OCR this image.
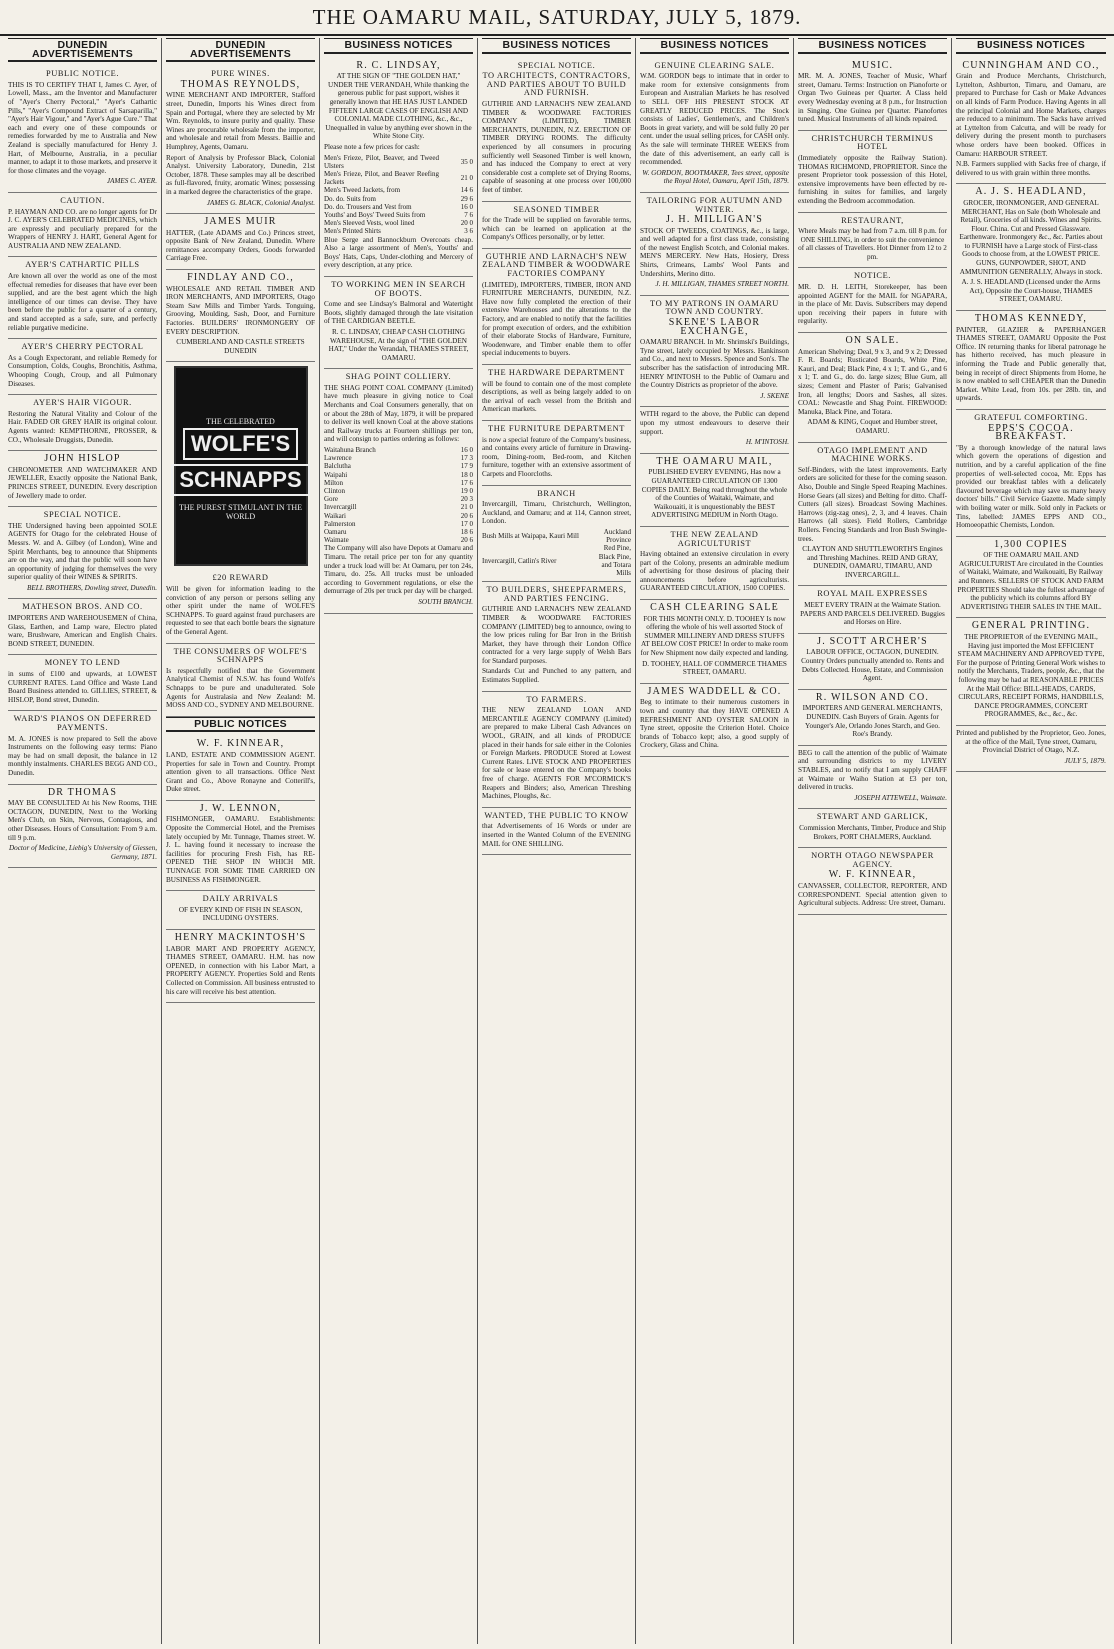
THE OAMARU MAIL, SATURDAY, JULY 5, 1879.
DUNEDIN ADVERTISEMENTS
PUBLIC NOTICE.

THIS IS TO CERTIFY THAT I, James C. Ayer, of Lowell, Mass., am the Inventor and Manufacturer of "Ayer's Cherry Pectoral," "Ayer's Cathartic Pills," "Ayer's Compound Extract of Sarsaparilla," "Ayer's Hair Vigour," and "Ayer's Ague Cure." That each and every one of these compounds or remedies forwarded by me to Australia and New Zealand is specially manufactured for Henry J. Hart, of Melbourne, Australia, in a peculiar manner, to adapt it to those markets, and preserve it for those climates and the voyage.

JAMES C. AYER.

CAUTION.

P. HAYMAN AND CO. are no longer agents for Dr J. C. AYER'S CELEBRATED MEDICINES, which are expressly and peculiarly prepared for the Wrappers of HENRY J. HART, General Agent for AUSTRALIA AND NEW ZEALAND.

AYER'S CATHARTIC PILLS

Are known all over the world as one of the most effectual remedies for diseases that have ever been supplied, and are the best agent which the high intelligence of our times can devise. They have been before the public for a quarter of a century, and stand accepted as a safe, sure, and perfectly reliable purgative medicine.

AYER'S CHERRY PECTORAL

As a Cough Expectorant, and reliable Remedy for Consumption, Colds, Coughs, Bronchitis, Asthma, Whooping Cough, Croup, and all Pulmonary Diseases.

AYER'S HAIR VIGOUR.

Restoring the Natural Vitality and Colour of the Hair. FADED OR GREY HAIR its original colour. Agents wanted: KEMPTHORNE, PROSSER, & CO., Wholesale Druggists, Dunedin.

JOHN HISLOP

CHRONOMETER AND WATCHMAKER AND JEWELLER, Exactly opposite the National Bank, PRINCES STREET, DUNEDIN. Every description of Jewellery made to order.

SPECIAL NOTICE.

THE Undersigned having been appointed SOLE AGENTS for Otago for the celebrated House of Messrs. W. and A. Gilbey (of London), Wine and Spirit Merchants, beg to announce that Shipments are on the way, and that the public will soon have an opportunity of judging for themselves the very superior quality of their WINES & SPIRITS.

BELL BROTHERS, Dowling street, Dunedin.

MATHESON BROS. AND CO.

IMPORTERS AND WAREHOUSEMEN of China, Glass, Earthen, and Lamp ware, Electro plated ware, Brushware, American and English Chairs. BOND STREET, DUNEDIN.

MONEY TO LEND

in sums of £100 and upwards, at LOWEST CURRENT RATES. Land Office and Waste Land Board Business attended to. GILLIES, STREET, & HISLOP, Bond street, Dunedin.

WARD'S PIANOS ON DEFERRED PAYMENTS.

M. A. JONES is now prepared to Sell the above Instruments on the following easy terms: Piano may be had on small deposit, the balance in 12 monthly instalments. CHARLES BEGG AND CO., Dunedin.

DR THOMAS

MAY BE CONSULTED At his New Rooms, THE OCTAGON, DUNEDIN, Next to the Working Men's Club, on Skin, Nervous, Contagious, and other Diseases. Hours of Consultation: From 9 a.m. till 9 p.m.

Doctor of Medicine, Liebig's University of Giessen, Germany, 1871.

DUNEDIN ADVERTISEMENTS
PURE WINES.
THOMAS REYNOLDS,

WINE MERCHANT AND IMPORTER, Stafford street, Dunedin, Imports his Wines direct from Spain and Portugal, where they are selected by Mr Wm. Reynolds, to insure purity and quality. These Wines are procurable wholesale from the importer, and wholesale and retail from Messrs. Baillie and Humphrey, Agents, Oamaru.

Report of Analysis by Professor Black, Colonial Analyst. University Laboratory, Dunedin, 21st October, 1878. These samples may all be described as full-flavored, fruity, aromatic Wines; possessing in a marked degree the characteristics of the grape.

JAMES G. BLACK, Colonial Analyst.

JAMES MUIR

HATTER, (Late ADAMS and Co.) Princes street, opposite Bank of New Zealand, Dunedin. Where remittances accompany Orders, Goods forwarded Carriage Free.

FINDLAY AND CO.,

WHOLESALE AND RETAIL TIMBER AND IRON MERCHANTS, AND IMPORTERS, Otago Steam Saw Mills and Timber Yards. Tonguing, Grooving, Moulding, Sash, Door, and Furniture Factories. BUILDERS' IRONMONGERY OF EVERY DESCRIPTION.

CUMBERLAND AND CASTLE STREETS DUNEDIN

THE CELEBRATED
WOLFE'S
SCHNAPPS
THE PUREST STIMULANT IN THE WORLD
£20 REWARD

Will be given for information leading to the conviction of any person or persons selling any other spirit under the name of WOLFE'S SCHNAPPS. To guard against fraud purchasers are requested to see that each bottle bears the signature of the General Agent.

THE CONSUMERS OF WOLFE'S SCHNAPPS

Is respectfully notified that the Government Analytical Chemist of N.S.W. has found Wolfe's Schnapps to be pure and unadulterated. Sole Agents for Australasia and New Zealand: M. MOSS AND CO., SYDNEY AND MELBOURNE.

PUBLIC NOTICES
W. F. KINNEAR,

LAND, ESTATE AND COMMISSION AGENT. Properties for sale in Town and Country. Prompt attention given to all transactions. Office Next Grant and Co., Above Ronayne and Cotterill's, Duke street.

J. W. LENNON,

FISHMONGER, OAMARU. Establishments: Opposite the Commercial Hotel, and the Premises lately occupied by Mr. Tunnage, Thames street. W. J. L. having found it necessary to increase the facilities for procuring Fresh Fish, has RE-OPENED THE SHOP IN WHICH MR. TUNNAGE FOR SOME TIME CARRIED ON BUSINESS AS FISHMONGER.

DAILY ARRIVALS

OF EVERY KIND OF FISH IN SEASON, INCLUDING OYSTERS.

HENRY MACKINTOSH'S

LABOR MART AND PROPERTY AGENCY, THAMES STREET, OAMARU. H.M. has now OPENED, in connection with his Labor Mart, a PROPERTY AGENCY. Properties Sold and Rents Collected on Commission. All business entrusted to his care will receive his best attention.

BUSINESS NOTICES
R. C. LINDSAY,

AT THE SIGN OF "THE GOLDEN HAT," UNDER THE VERANDAH, While thanking the generous public for past support, wishes it generally known that HE HAS JUST LANDED FIFTEEN LARGE CASES OF ENGLISH AND COLONIAL MADE CLOTHING, &c., &c., Unequalled in value by anything ever shown in the White Stone City.

Please note a few prices for cash:

Men's Frieze, Pilot, Beaver, and Tweed Ulsters	35 0
Men's Frieze, Pilot, and Beaver Reefing Jackets	21 0
Men's Tweed Jackets, from	14 6
Do. do. Suits from	29 6
Do. do. Trousers and Vest from	16 0
Youths' and Boys' Tweed Suits from	7 6
Men's Sleeved Vests, wool lined	20 0
Men's Printed Shirts	3 6

Blue Serge and Bannockburn Overcoats cheap. Also a large assortment of Men's, Youths' and Boys' Hats, Caps, Under-clothing and Mercery of every description, at any price.

TO WORKING MEN IN SEARCH OF BOOTS.

Come and see Lindsay's Balmoral and Watertight Boots, slightly damaged through the late visitation of THE CARDIGAN BEETLE.

R. C. LINDSAY, CHEAP CASH CLOTHING WAREHOUSE, At the sign of "THE GOLDEN HAT," Under the Verandah, THAMES STREET, OAMARU.

SHAG POINT COLLIERY.

THE SHAG POINT COAL COMPANY (Limited) have much pleasure in giving notice to Coal Merchants and Coal Consumers generally, that on or about the 28th of May, 1879, it will be prepared to deliver its well known Coal at the above stations and Railway trucks at Fourteen shillings per ton, and will consign to parties ordering as follows:

Waitahuna Branch	16 0
Lawrence	17 3
Balclutha	17 9
Waipahi	18 0
Milton	17 6
Clinton	19 0
Gore	20 3
Invercargill	21 0
Waikari	20 6
Palmerston	17 0
Oamaru	18 6
Waimate	20 6

The Company will also have Depots at Oamaru and Timaru. The retail price per ton for any quantity under a truck load will be: At Oamaru, per ton 24s, Timaru, do. 25s. All trucks must be unloaded according to Government regulations, or else the demurrage of 20s per truck per day will be charged.

SOUTH BRANCH.

BUSINESS NOTICES
SPECIAL NOTICE.
TO ARCHITECTS, CONTRACTORS, AND PARTIES ABOUT TO BUILD AND FURNISH.

GUTHRIE AND LARNACH'S NEW ZEALAND TIMBER & WOODWARE FACTORIES COMPANY (LIMITED), TIMBER MERCHANTS, DUNEDIN, N.Z. ERECTION OF TIMBER DRYING ROOMS. The difficulty experienced by all consumers in procuring sufficiently well Seasoned Timber is well known, and has induced the Company to erect at very considerable cost a complete set of Drying Rooms, capable of seasoning at one process over 100,000 feet of timber.

SEASONED TIMBER

for the Trade will be supplied on favorable terms, which can be learned on application at the Company's Offices personally, or by letter.

GUTHRIE AND LARNACH'S NEW ZEALAND TIMBER & WOODWARE FACTORIES COMPANY

(LIMITED), IMPORTERS, TIMBER, IRON AND FURNITURE MERCHANTS, DUNEDIN, N.Z. Have now fully completed the erection of their extensive Warehouses and the alterations to the Factory, and are enabled to notify that the facilities for prompt execution of orders, and the exhibition of their elaborate Stocks of Hardware, Furniture, Woodenware, and Timber enable them to offer special inducements to buyers.

THE HARDWARE DEPARTMENT

will be found to contain one of the most complete descriptions, as well as being largely added to on the arrival of each vessel from the British and American markets.

THE FURNITURE DEPARTMENT

is now a special feature of the Company's business, and contains every article of furniture in Drawing-room, Dining-room, Bed-room, and Kitchen furniture, together with an extensive assortment of Carpets and Floorcloths.

BRANCH

Invercargill, Timaru, Christchurch, Wellington, Auckland, and Oamaru; and at 114, Cannon street, London.

Bush Mills at Waipapa, Kauri Mill	Auckland Province
Invercargill, Catlin's River	Red Pine, Black Pine, and Totara Mills
TO BUILDERS, SHEEPFARMERS, AND PARTIES FENCING.

GUTHRIE AND LARNACH'S NEW ZEALAND TIMBER & WOODWARE FACTORIES COMPANY (LIMITED) beg to announce, owing to the low prices ruling for Bar Iron in the British Market, they have through their London Office contracted for a very large supply of Welsh Bars for Standard purposes.

Standards Cut and Punched to any pattern, and Estimates Supplied.

TO FARMERS.

THE NEW ZEALAND LOAN AND MERCANTILE AGENCY COMPANY (Limited) are prepared to make Liberal Cash Advances on WOOL, GRAIN, and all kinds of PRODUCE placed in their hands for sale either in the Colonies or Foreign Markets. PRODUCE Stored at Lowest Current Rates. LIVE STOCK AND PROPERTIES for sale or lease entered on the Company's books free of charge. AGENTS FOR M'CORMICK'S Reapers and Binders; also, American Threshing Machines, Ploughs, &c.

WANTED, THE PUBLIC TO KNOW

that Advertisements of 16 Words or under are inserted in the Wanted Column of the EVENING MAIL for ONE SHILLING.

BUSINESS NOTICES
GENUINE CLEARING SALE.

W.M. GORDON begs to intimate that in order to make room for extensive consignments from European and Australian Markets he has resolved to SELL OFF HIS PRESENT STOCK AT GREATLY REDUCED PRICES. The Stock consists of Ladies', Gentlemen's, and Children's Boots in great variety, and will be sold fully 20 per cent. under the usual selling prices, for CASH only. As the sale will terminate THREE WEEKS from the date of this advertisement, an early call is recommended.

W. GORDON, BOOTMAKER, Tees street, opposite the Royal Hotel, Oamaru, April 15th, 1879.

TAILORING FOR AUTUMN AND WINTER.
J. H. MILLIGAN'S

STOCK OF TWEEDS, COATINGS, &c., is large, and well adapted for a first class trade, consisting of the newest English Scotch, and Colonial makes. MEN'S MERCERY. New Hats, Hosiery, Dress Shirts, Crimeans, Lambs' Wool Pants and Undershirts, Merino ditto.

J. H. MILLIGAN, THAMES STREET NORTH.

TO MY PATRONS IN OAMARU TOWN AND COUNTRY.
SKENE'S LABOR EXCHANGE,

OAMARU BRANCH. In Mr. Shrimski's Buildings, Tyne street, lately occupied by Messrs. Hankinson and Co., and next to Messrs. Spence and Son's. The subscriber has the satisfaction of introducing MR. HENRY M'INTOSH to the Public of Oamaru and the Country Districts as proprietor of the above.

J. SKENE

WITH regard to the above, the Public can depend upon my utmost endeavours to deserve their support.

H. M'INTOSH.

THE OAMARU MAIL,

PUBLISHED EVERY EVENING, Has now a GUARANTEED CIRCULATION OF 1300 COPIES DAILY. Being read throughout the whole of the Counties of Waitaki, Waimate, and Waikouaiti, it is unquestionably the BEST ADVERTISING MEDIUM in North Otago.

THE NEW ZEALAND AGRICULTURIST

Having obtained an extensive circulation in every part of the Colony, presents an admirable medium of advertising for those desirous of placing their announcements before agriculturists. GUARANTEED CIRCULATION, 1500 COPIES.

CASH CLEARING SALE

FOR THIS MONTH ONLY. D. TOOHEY Is now offering the whole of his well assorted Stock of SUMMER MILLINERY AND DRESS STUFFS AT BELOW COST PRICE! In order to make room for New Shipment now daily expected and landing.

D. TOOHEY, HALL OF COMMERCE THAMES STREET, OAMARU.

JAMES WADDELL & CO.

Beg to intimate to their numerous customers in town and country that they HAVE OPENED A REFRESHMENT AND OYSTER SALOON in Tyne street, opposite the Criterion Hotel. Choice brands of Tobacco kept; also, a good supply of Crockery, Glass and China.

BUSINESS NOTICES
MUSIC.

MR. M. A. JONES, Teacher of Music, Wharf street, Oamaru. Terms: Instruction on Pianoforte or Organ Two Guineas per Quarter. A Class held every Wednesday evening at 8 p.m., for Instruction in Singing. One Guinea per Quarter. Pianofortes tuned. Musical Instruments of all kinds repaired.

CHRISTCHURCH TERMINUS HOTEL

(Immediately opposite the Railway Station). THOMAS RICHMOND, PROPRIETOR. Since the present Proprietor took possession of this Hotel, extensive improvements have been effected by re-furnishing in suites for families, and largely extending the Bedroom accommodation.

RESTAURANT,

Where Meals may be had from 7 a.m. till 8 p.m. for ONE SHILLING, in order to suit the convenience of all classes of Travellers. Hot Dinner from 12 to 2 pm.

NOTICE.

MR. D. H. LEITH, Storekeeper, has been appointed AGENT for the MAIL for NGAPARA, in the place of Mr. Davis. Subscribers may depend upon receiving their papers in future with regularity.

ON SALE.

American Shelving; Deal, 9 x 3, and 9 x 2; Dressed F. R. Boards; Rusticated Boards, White Pine, Kauri, and Deal; Black Pine, 4 x 1; T. and G., and 6 x 1; T. and G., do. do. large sizes; Blue Gum, all sizes; Cement and Plaster of Paris; Galvanised Iron, all lengths; Doors and Sashes, all sizes. COAL: Newcastle and Shag Point. FIREWOOD: Manuka, Black Pine, and Totara.

ADAM & KING, Coquet and Humber street, OAMARU.

OTAGO IMPLEMENT AND MACHINE WORKS.

Self-Binders, with the latest improvements. Early orders are solicited for these for the coming season. Also, Double and Single Speed Reaping Machines. Horse Gears (all sizes) and Belting for ditto. Chaff-Cutters (all sizes). Broadcast Sowing Machines. Harrows (zig-zag ones), 2, 3, and 4 leaves. Chain Harrows (all sizes). Field Rollers, Cambridge Rollers. Fencing Standards and Iron Bush Swingle-trees.

CLAYTON AND SHUTTLEWORTH'S Engines and Threshing Machines. REID AND GRAY, DUNEDIN, OAMARU, TIMARU, AND INVERCARGILL.

ROYAL MAIL EXPRESSES

MEET EVERY TRAIN at the Waimate Station. PAPERS AND PARCELS DELIVERED. Buggies and Horses on Hire.

J. SCOTT ARCHER'S

LABOUR OFFICE, OCTAGON, DUNEDIN. Country Orders punctually attended to. Rents and Debts Collected. House, Estate, and Commission Agent.

R. WILSON AND CO.

IMPORTERS AND GENERAL MERCHANTS, DUNEDIN. Cash Buyers of Grain. Agents for Younger's Ale, Orlando Jones Starch, and Geo. Roe's Brandy.

BEG to call the attention of the public of Waimate and surrounding districts to my LIVERY STABLES, and to notify that I am supply CHAFF at Waimate or Waiho Station at £3 per ton, delivered in trucks.

JOSEPH ATTEWELL, Waimate.

STEWART AND GARLICK,

Commission Merchants, Timber, Produce and Ship Brokers, PORT CHALMERS, Auckland.

NORTH OTAGO NEWSPAPER AGENCY.
W. F. KINNEAR,

CANVASSER, COLLECTOR, REPORTER, AND CORRESPONDENT. Special attention given to Agricultural subjects. Address: Ure street, Oamaru.

BUSINESS NOTICES
CUNNINGHAM AND CO.,

Grain and Produce Merchants, Christchurch, Lyttelton, Ashburton, Timaru, and Oamaru, are prepared to Purchase for Cash or Make Advances on all kinds of Farm Produce. Having Agents in all the principal Colonial and Home Markets, charges are reduced to a minimum. The Sacks have arrived at Lyttelton from Calcutta, and will be ready for delivery during the present month to purchasers whose orders have been booked. Offices in Oamaru: HARBOUR STREET.

N.B. Farmers supplied with Sacks free of charge, if delivered to us with grain within three months.

A. J. S. HEADLAND,

GROCER, IRONMONGER, AND GENERAL MERCHANT, Has on Sale (both Wholesale and Retail), Groceries of all kinds. Wines and Spirits. Flour. China. Cut and Pressed Glassware. Earthenware. Ironmongery &c., &c. Parties about to FURNISH have a Large stock of First-class Goods to choose from, at the LOWEST PRICE. GUNS, GUNPOWDER, SHOT, AND AMMUNITION GENERALLY, Always in stock.

A. J. S. HEADLAND (Licensed under the Arms Act), Opposite the Court-house, THAMES STREET, OAMARU.

THOMAS KENNEDY,

PAINTER, GLAZIER & PAPERHANGER THAMES STREET, OAMARU Opposite the Post Office. IN returning thanks for liberal patronage he has hitherto received, has much pleasure in informing the Trade and Public generally that, being in receipt of direct Shipments from Home, he is now enabled to sell CHEAPER than the Dunedin Market. White Lead, from 10s. per 28lb. tin, and upwards.

GRATEFUL COMFORTING.
EPPS'S COCOA. BREAKFAST.

"By a thorough knowledge of the natural laws which govern the operations of digestion and nutrition, and by a careful application of the fine properties of well-selected cocoa, Mr. Epps has provided our breakfast tables with a delicately flavoured beverage which may save us many heavy doctors' bills." Civil Service Gazette. Made simply with boiling water or milk. Sold only in Packets or Tins, labelled: JAMES EPPS AND CO., Homoeopathic Chemists, London.

1,300 COPIES

OF THE OAMARU MAIL AND AGRICULTURIST Are circulated in the Counties of Waitaki, Waimate, and Waikouaiti, By Railway and Runners. SELLERS OF STOCK AND FARM PROPERTIES Should take the fullest advantage of the publicity which its columns afford BY ADVERTISING THEIR SALES IN THE MAIL.

GENERAL PRINTING.

THE PROPRIETOR of the EVENING MAIL, Having just imported the Most EFFICIENT STEAM MACHINERY AND APPROVED TYPE, For the purpose of Printing General Work wishes to notify the Merchants, Traders, people, &c., that the following may be had at REASONABLE PRICES At the Mail Office: BILL-HEADS, CARDS, CIRCULARS, RECEIPT FORMS, HANDBILLS, DANCE PROGRAMMES, CONCERT PROGRAMMES, &c., &c., &c.

Printed and published by the Proprietor, Geo. Jones, at the office of the Mail, Tyne street, Oamaru, Provincial District of Otago, N.Z.

JULY 5, 1879.
